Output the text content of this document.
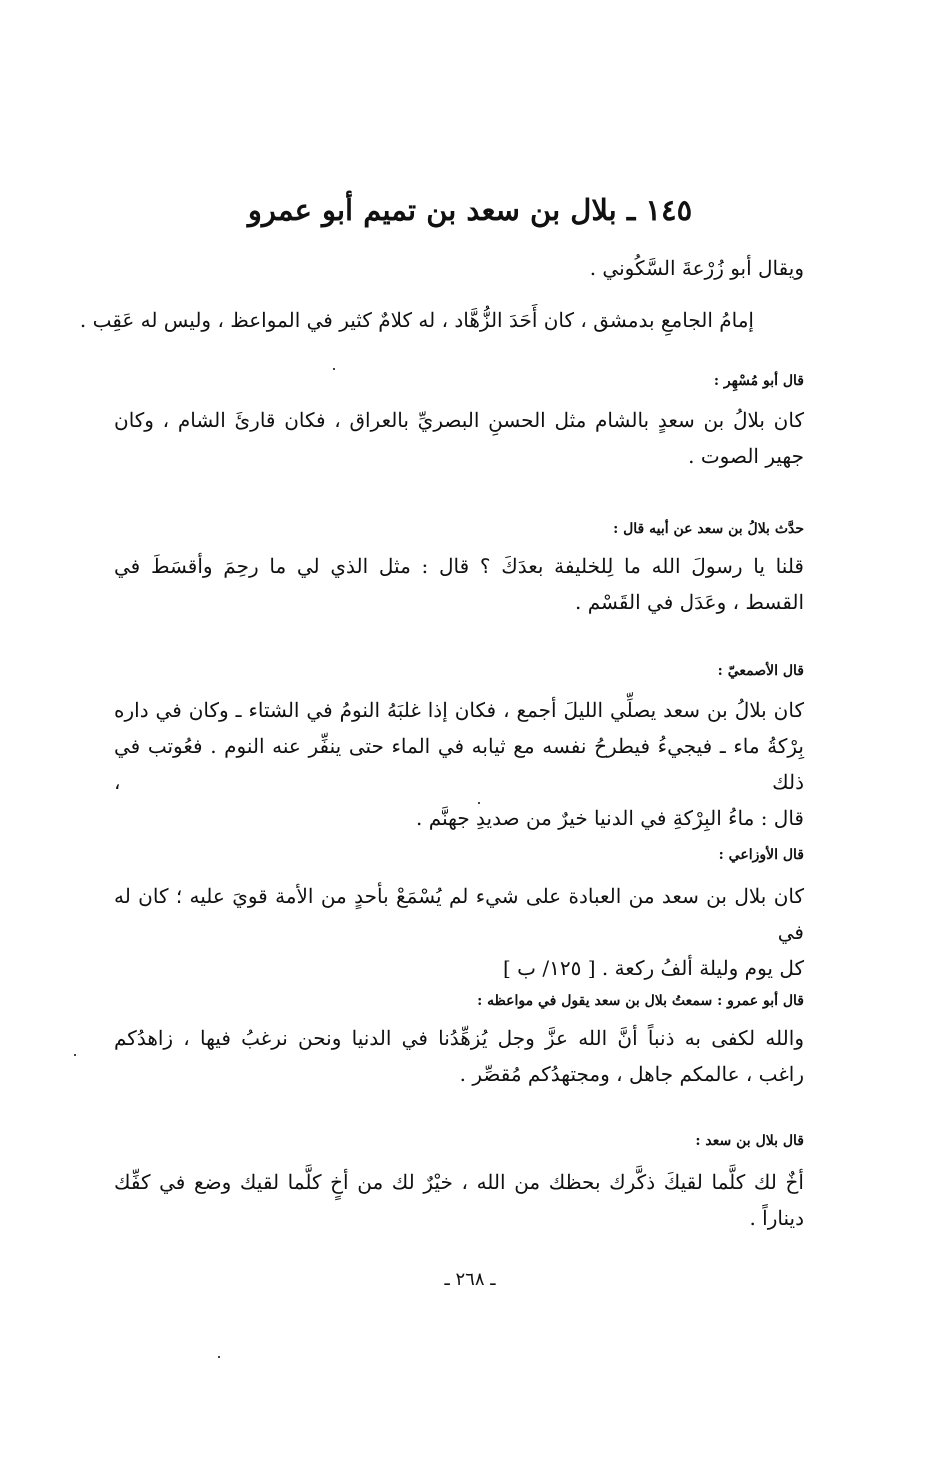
١٤٥ ـ بلال بن سعد بن تميم أبو عمرو
ويقال أبو زُرْعةَ السَّكُوني .
إمامُ الجامعِ بدمشق ، كان أَحَدَ الزُّهَّاد ، له كلامٌ كثير في المواعظ ، وليس له عَقِب .
قال أبو مُسْهِر :
كان بلالُ بن سعدٍ بالشام مثل الحسنِ البصريِّ بالعراق ، فكان قارئَ الشام ، وكان
جهير الصوت .
حدَّث بلالُ بن سعد عن أبيه قال :
قلنا يا رسولَ الله ما لِلخليفة بعدَكَ ؟ قال : مثل الذي لي ما رحِمَ وأقسَطَ في
القسط ، وعَدَل في القَسْم .
قال الأصمعيّ :
كان بلالُ بن سعد يصلِّي الليلَ أجمع ، فكان إذا غلبَهُ النومُ في الشتاء ـ وكان في داره
بِرْكةُ ماء ـ فيجيءُ فيطرحُ نفسه مع ثيابه في الماء حتى ينفِّر عنه النوم . فعُوتب في ذلك ،
قال : ماءُ البِرْكةِ في الدنيا خيرٌ من صديدِ جهنَّم .
قال الأوزاعي :
كان بلال بن سعد من العبادة على شيء لم يُسْمَعْ بأحدٍ من الأمة قويَ عليه ؛ كان له في
كل يوم وليلة ألفُ ركعة . [ ١٢٥/ ب ]
قال أبو عمرو : سمعتُ بلال بن سعد يقول في مواعظه :
والله لكفى به ذنباً أنَّ الله عزَّ وجل يُزهِّدُنا في الدنيا ونحن نرغبُ فيها ، زاهدُكم
راغب ، عالمكم جاهل ، ومجتهدُكم مُقصِّر .
قال بلال بن سعد :
أخٌ لك كلَّما لقيكَ ذكَّرك بحظك من الله ، خيْرٌ لك من أخٍ كلَّما لقيك وضع في كفِّك
ديناراً .
ـ ٢٦٨ ـ
